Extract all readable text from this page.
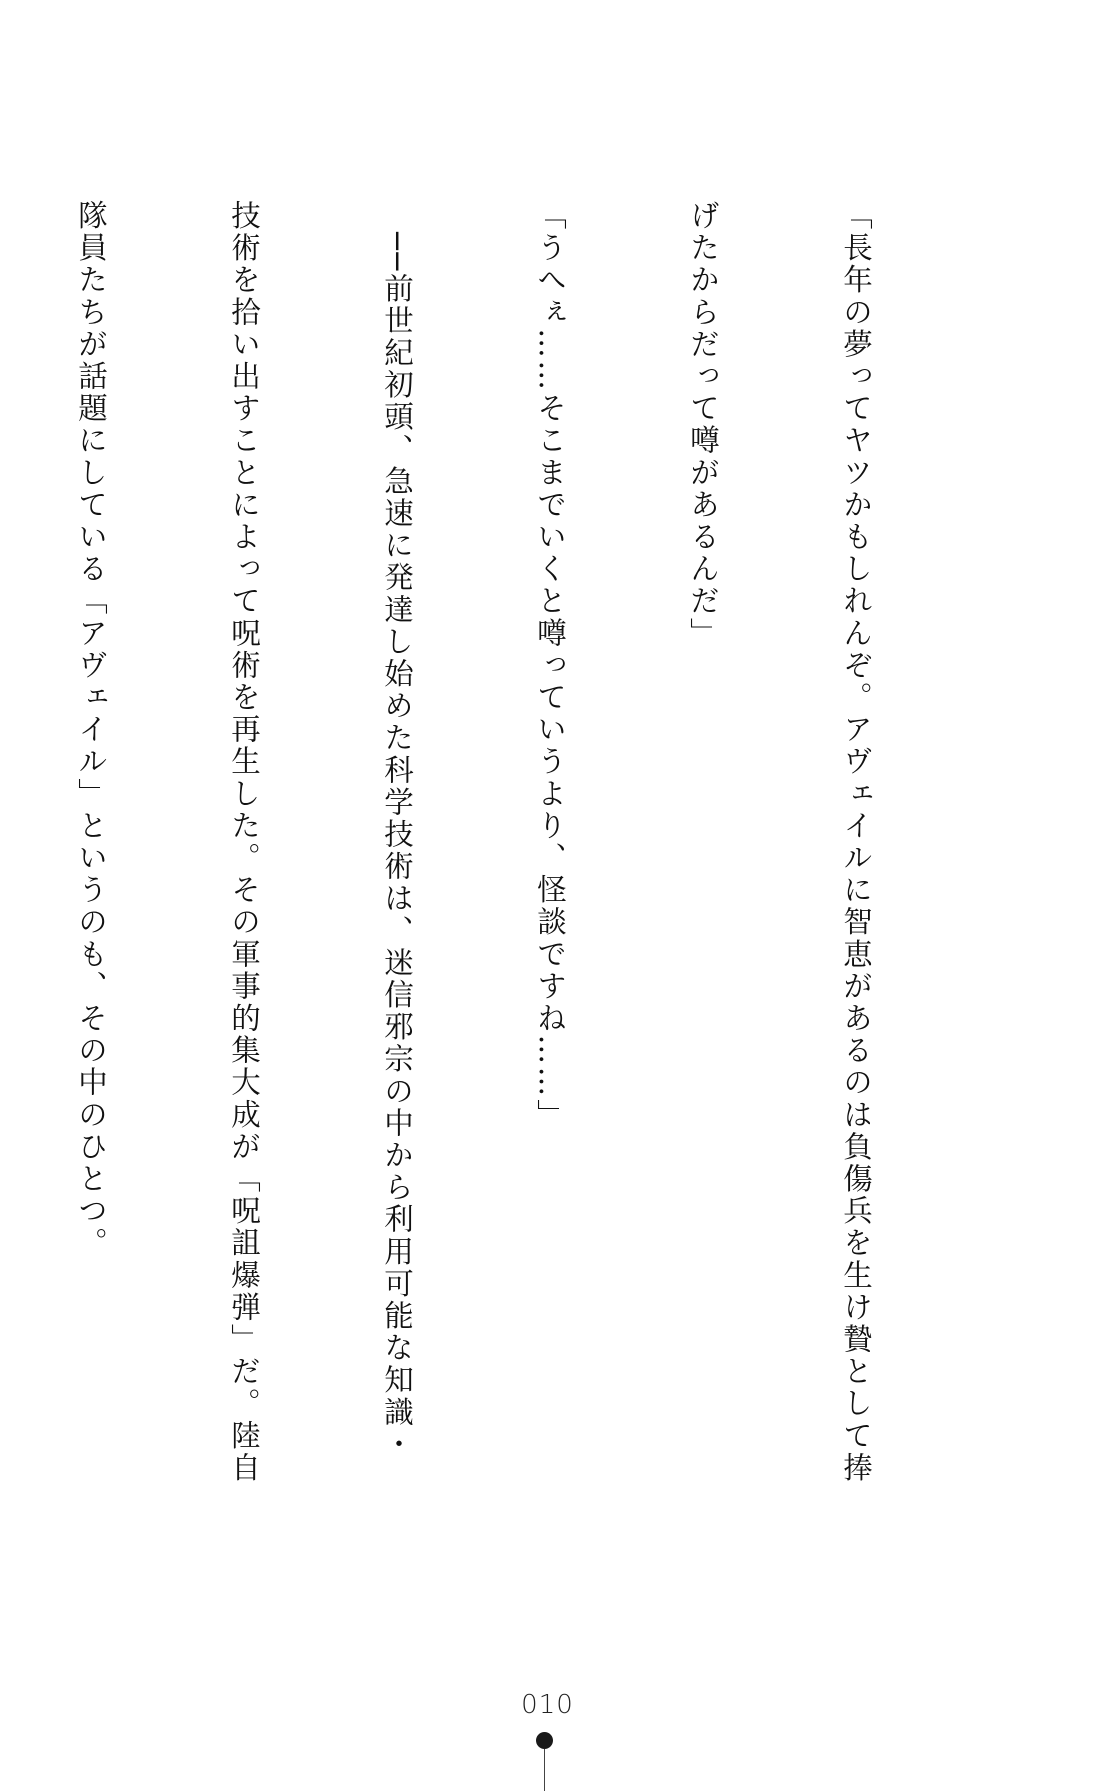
「長年の夢ってヤツかもしれんぞ。アヴェイルに智恵があるのは負傷兵を生け贄として捧

げたからだって噂があるんだ」

「うへぇ……そこまでいくと噂っていうより、怪談ですね……」

　──前世紀初頭、急速に発達し始めた科学技術は、迷信邪宗の中から利用可能な知識・

技術を拾い出すことによって呪術を再生した。その軍事的集大成が「呪詛爆弾」だ。陸自

隊員たちが話題にしている「アヴェイル」というのも、その中のひとつ。

010
